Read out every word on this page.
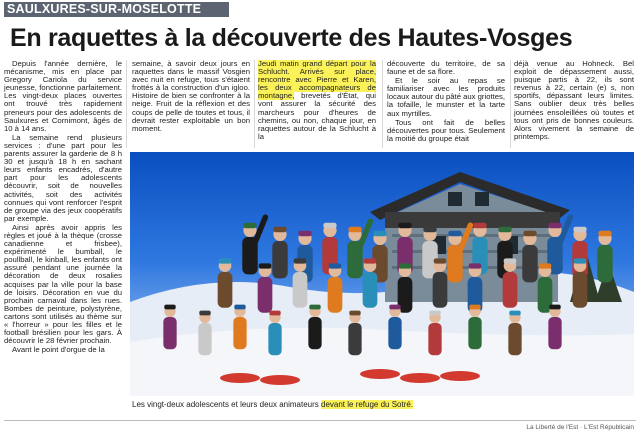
SAULXURES-SUR-MOSELOTTE
En raquettes à la découverte des Hautes-Vosges

Depuis l'année dernière, le mécanisme, mis en place par Gregory Cariola du service jeunesse, fonctionne parfaitement. Les vingt-deux places ouvertes ont trouvé très rapidement preneurs pour des adolescents de Saulxures et Cornimont, âgés de 10 à 14 ans.

La semaine rend plusieurs services : d'une part pour les parents assurer la garderie de 8 h 30 et jusqu'à 18 h en sachant leurs enfants encadrés, d'autre part pour les adolescents découvrir, soit de nouvelles activités, soit des activités connues qui vont renforcer l'esprit de groupe via des jeux coopératifs par exemple.

Ainsi après avoir appris les règles et joué à la thèque (crosse canadienne et frisbee), expérimenté le bumball, le poullball, le kinball, les enfants ont assuré pendant une journée la décoration de deux rosalies acquises par la ville pour la base de loisirs. Décoration en vue du prochain carnaval dans les rues. Bombes de peinture, polystyrène, cartons sont utilisés au thème sur « l'horreur » pour les filles et le football brésilien pour les gars. À découvrir le 28 février prochain.

Avant le point d'orgue de la

semaine, à savoir deux jours en raquettes dans le massif Vosgien avec nuit en refuge, tous s'étaient frottés à la construction d'un igloo. Histoire de bien se confronter à la neige. Fruit de la réflexion et des coups de pelle de toutes et tous, il devrait rester exploitable un bon moment.

Jeudi matin grand départ pour la Schlucht. Arrivés sur place, rencontre avec Pierre et Karen, les deux accompagnateurs de montagne, brevetés d'État, qui vont assurer la sécurité des marcheurs pour d'heures de chemins, ou non, chaque jour, en raquettes autour de la Schlucht à la

découverte du territoire, de sa faune et de sa flore.

Et le soir au repas se familiariser avec les produits locaux autour du pâté aux griottes, la tofaille, le munster et la tarte aux myrtilles.

Tous ont fait de belles découvertes pour tous. Seulement la moitié du groupe était

déjà venue au Hohneck. Bel exploit de dépassement aussi, puisque partis à 22, ils sont revenus à 22, certain (e) s, non sportifs, dépassant leurs limites. Sans oublier deux très belles journées ensoleillées où toutes et tous ont pris de bonnes couleurs. Alors vivement la semaine de printemps.

Les vingt-deux adolescents et leurs deux animateurs devant le refuge du Sotré.
La Liberté de l'Est · L'Est Républicain
